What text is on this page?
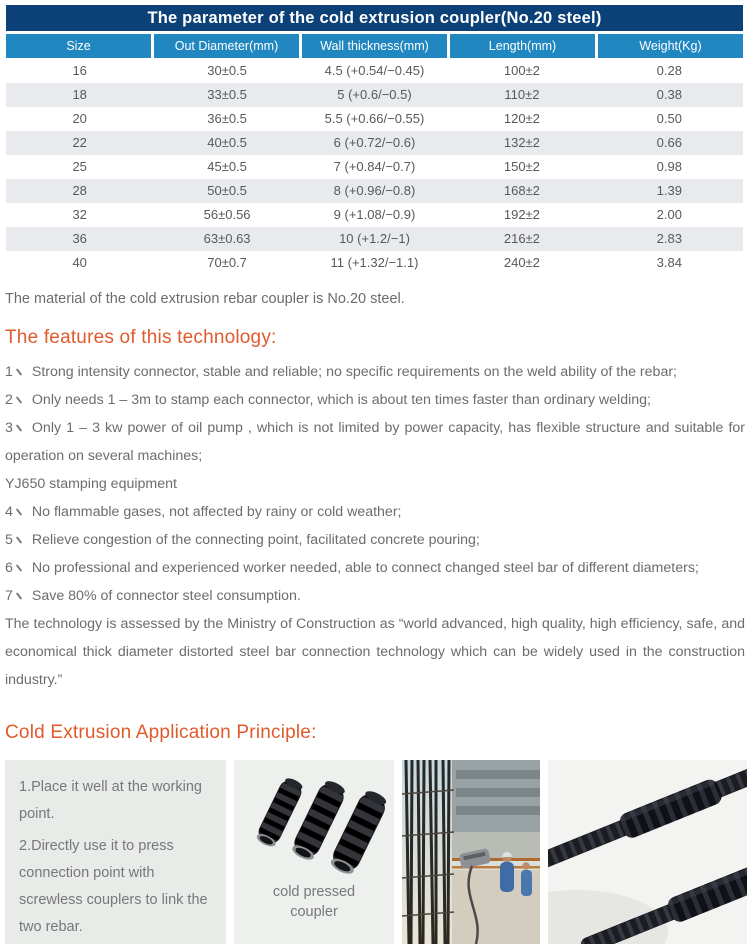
The parameter of the cold extrusion coupler(No.20 steel)
Size	Out Diameter(mm)	Wall thickness(mm)	Length(mm)	Weight(Kg)
16	30±0.5	4.5 (+0.54/−0.45)	100±2	0.28
18	33±0.5	5 (+0.6/−0.5)	110±2	0.38
20	36±0.5	5.5 (+0.66/−0.55)	120±2	0.50
22	40±0.5	6 (+0.72/−0.6)	132±2	0.66
25	45±0.5	7 (+0.84/−0.7)	150±2	0.98
28	50±0.5	8 (+0.96/−0.8)	168±2	1.39
32	56±0.56	9 (+1.08/−0.9)	192±2	2.00
36	63±0.63	10 (+1.2/−1)	216±2	2.83
40	70±0.7	11 (+1.32/−1.1)	240±2	3.84

The material of the cold extrusion rebar coupler is No.20 steel.

The features of this technology:
1 Strong intensity connector, stable and reliable; no specific requirements on the weld ability of the rebar;
2 Only needs 1 – 3m to stamp each connector, which is about ten times faster than ordinary welding;
3 Only 1 – 3 kw power of oil pump , which is not limited by power capacity, has flexible structure and suitable for operation on several machines;
YJ650 stamping equipment
4 No flammable gases, not affected by rainy or cold weather;
5 Relieve congestion of the connecting point, facilitated concrete pouring;
6 No professional and experienced worker needed, able to connect changed steel bar of different diameters;
7 Save 80% of connector steel consumption.
The technology is assessed by the Ministry of Construction as “world advanced, high quality, high efficiency, safe, and economical thick diameter distorted steel bar connection technology which can be widely used in the construction industry.”
Cold Extrusion Application Principle:

1.Place it well at the working point.

2.Directly use it to press connection point with screwless couplers to link the two rebar.

cold pressed coupler
